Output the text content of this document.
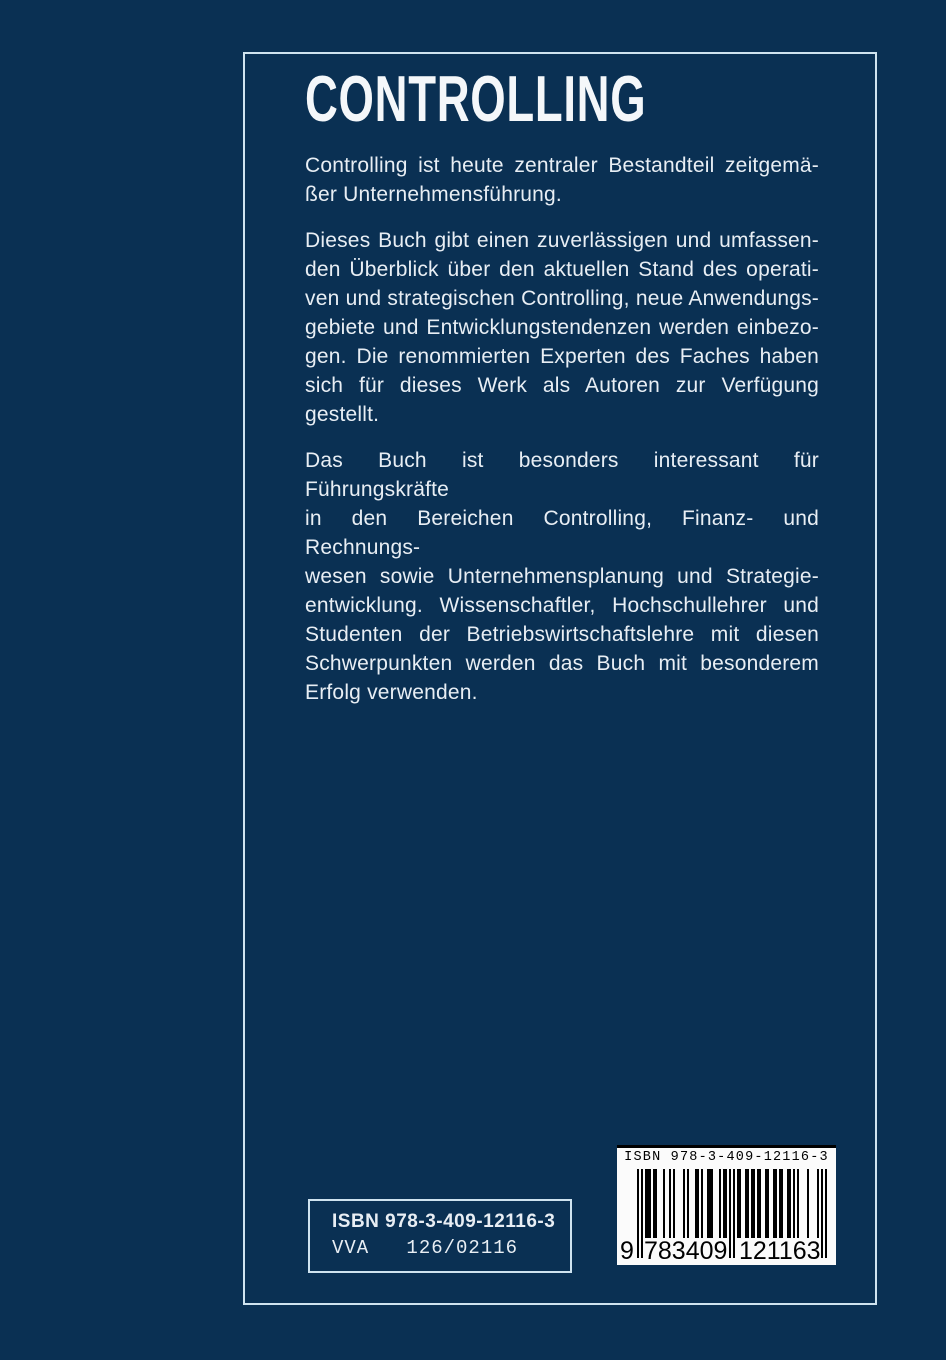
CONTROLLING
Controlling ist heute zentraler Bestandteil zeitgemä-
ßer Unternehmensführung.
Dieses Buch gibt einen zuverlässigen und umfassen-
den Überblick über den aktuellen Stand des operati-
ven und strategischen Controlling, neue Anwendungs-
gebiete und Entwicklungstendenzen werden einbezo-
gen. Die renommierten Experten des Faches haben
sich für dieses Werk als Autoren zur Verfügung
gestellt.
Das Buch ist besonders interessant für Führungskräfte
in den Bereichen Controlling, Finanz- und Rechnungs-
wesen sowie Unternehmensplanung und Strategie-
entwicklung. Wissenschaftler, Hochschullehrer und
Studenten der Betriebswirtschaftslehre mit diesen
Schwerpunkten werden das Buch mit besonderem
Erfolg verwenden.
ISBN 978-3-409-12116-3
VVA   126/02116
ISBN 978-3-409-12116-3
9 783409 121163
